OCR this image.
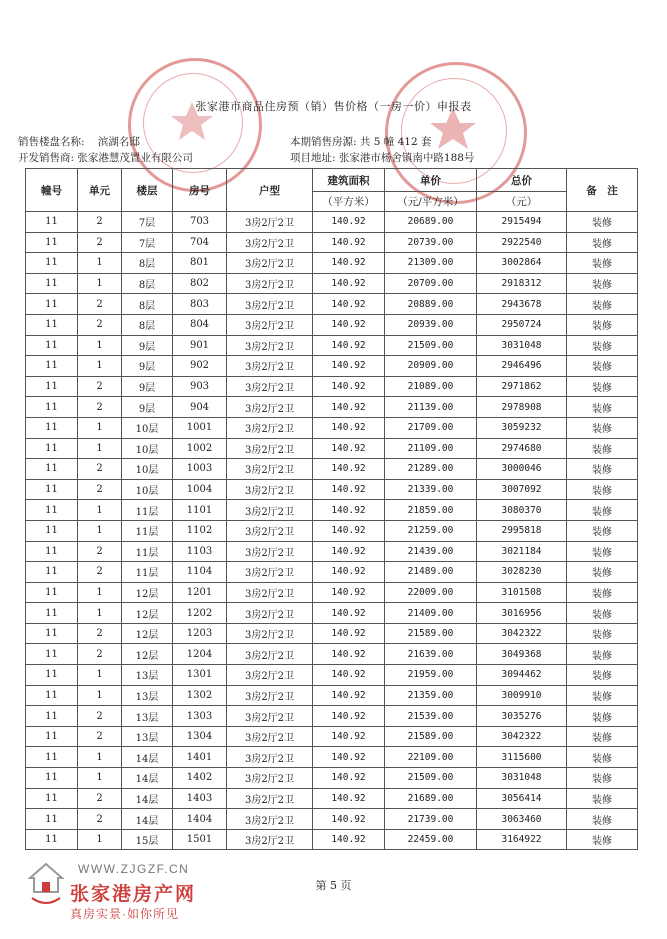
张家港市商品住房预（销）售价格（一房一价）申报表
销售楼盘名称: 滨湖名邸	本期销售房源: 共 5 幢 412 套
开发销售商: 张家港慧茂置业有限公司	项目地址: 张家港市杨舍镇南中路188号
幢号	单元	楼层	房号	户型	建筑面积	单价	总价	备　注
					（平方米）	（元/平方米）	（元）	
11	2	7层	703	3房2厅2卫	140.92	20689.00	2915494	装修
11	2	7层	704	3房2厅2卫	140.92	20739.00	2922540	装修
11	1	8层	801	3房2厅2卫	140.92	21309.00	3002864	装修
11	1	8层	802	3房2厅2卫	140.92	20709.00	2918312	装修
11	2	8层	803	3房2厅2卫	140.92	20889.00	2943678	装修
11	2	8层	804	3房2厅2卫	140.92	20939.00	2950724	装修
11	1	9层	901	3房2厅2卫	140.92	21509.00	3031048	装修
11	1	9层	902	3房2厅2卫	140.92	20909.00	2946496	装修
11	2	9层	903	3房2厅2卫	140.92	21089.00	2971862	装修
11	2	9层	904	3房2厅2卫	140.92	21139.00	2978908	装修
11	1	10层	1001	3房2厅2卫	140.92	21709.00	3059232	装修
11	1	10层	1002	3房2厅2卫	140.92	21109.00	2974680	装修
11	2	10层	1003	3房2厅2卫	140.92	21289.00	3000046	装修
11	2	10层	1004	3房2厅2卫	140.92	21339.00	3007092	装修
11	1	11层	1101	3房2厅2卫	140.92	21859.00	3080370	装修
11	1	11层	1102	3房2厅2卫	140.92	21259.00	2995818	装修
11	2	11层	1103	3房2厅2卫	140.92	21439.00	3021184	装修
11	2	11层	1104	3房2厅2卫	140.92	21489.00	3028230	装修
11	1	12层	1201	3房2厅2卫	140.92	22009.00	3101508	装修
11	1	12层	1202	3房2厅2卫	140.92	21409.00	3016956	装修
11	2	12层	1203	3房2厅2卫	140.92	21589.00	3042322	装修
11	2	12层	1204	3房2厅2卫	140.92	21639.00	3049368	装修
11	1	13层	1301	3房2厅2卫	140.92	21959.00	3094462	装修
11	1	13层	1302	3房2厅2卫	140.92	21359.00	3009910	装修
11	2	13层	1303	3房2厅2卫	140.92	21539.00	3035276	装修
11	2	13层	1304	3房2厅2卫	140.92	21589.00	3042322	装修
11	1	14层	1401	3房2厅2卫	140.92	22109.00	3115600	装修
11	1	14层	1402	3房2厅2卫	140.92	21509.00	3031048	装修
11	2	14层	1403	3房2厅2卫	140.92	21689.00	3056414	装修
11	2	14层	1404	3房2厅2卫	140.92	21739.00	3063460	装修
11	1	15层	1501	3房2厅2卫	140.92	22459.00	3164922	装修
WWW.ZJGZF.CN
张家港房产网
真房实景·如你所见
第 5 页
